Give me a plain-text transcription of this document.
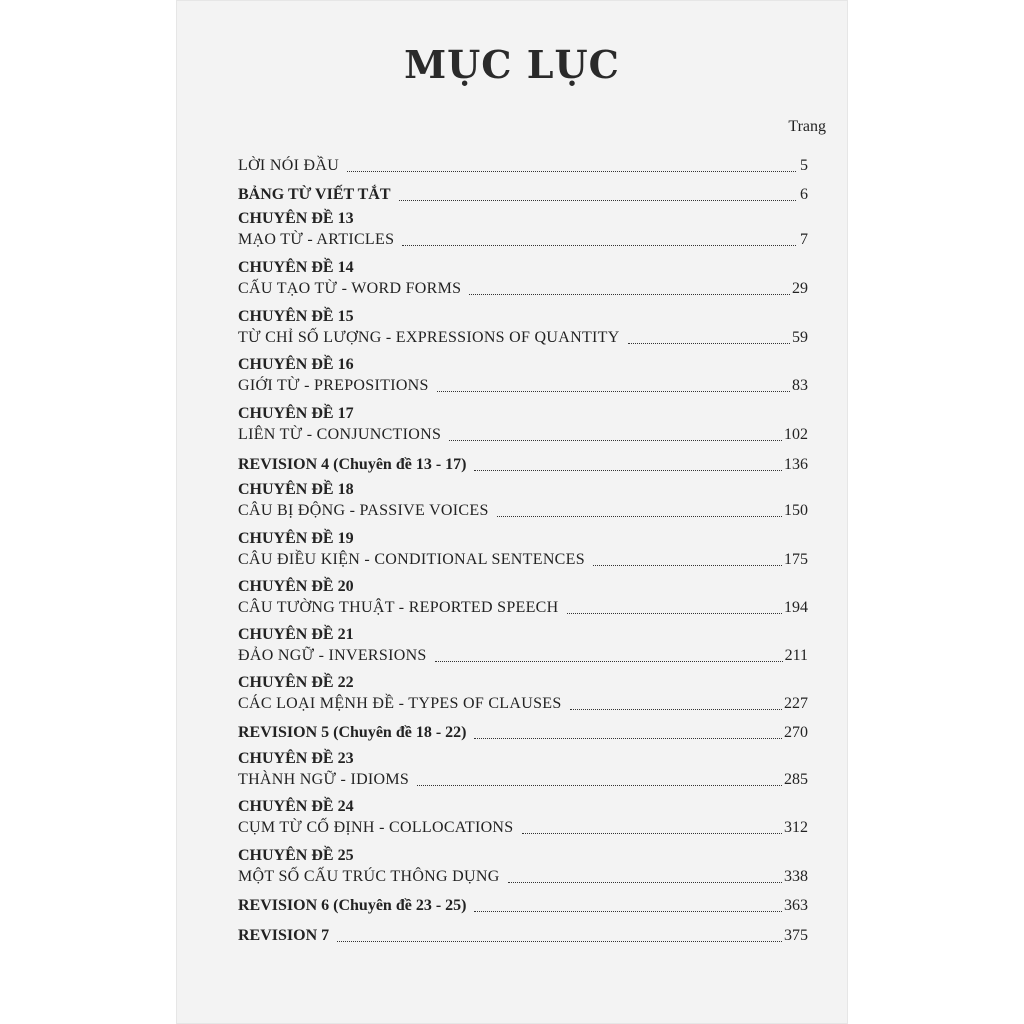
MỤC LỤC
Trang
LỜI NÓI ĐẦU	5
BẢNG TỪ VIẾT TẮT	6
CHUYÊN ĐỀ 13
MẠO TỪ - ARTICLES	7
CHUYÊN ĐỀ 14
CẤU TẠO TỪ - WORD FORMS	29
CHUYÊN ĐỀ 15
TỪ CHỈ SỐ LƯỢNG - EXPRESSIONS OF QUANTITY	59
CHUYÊN ĐỀ 16
GIỚI TỪ - PREPOSITIONS	83
CHUYÊN ĐỀ 17
LIÊN TỪ - CONJUNCTIONS	102
REVISION 4 (Chuyên đề 13 - 17)	136
CHUYÊN ĐỀ 18
CÂU BỊ ĐỘNG - PASSIVE VOICES	150
CHUYÊN ĐỀ 19
CÂU ĐIỀU KIỆN - CONDITIONAL SENTENCES	175
CHUYÊN ĐỀ 20
CÂU TƯỜNG THUẬT - REPORTED SPEECH	194
CHUYÊN ĐỀ 21
ĐẢO NGỮ - INVERSIONS	211
CHUYÊN ĐỀ 22
CÁC LOẠI MỆNH ĐỀ - TYPES OF CLAUSES	227
REVISION 5 (Chuyên đề 18 - 22)	270
CHUYÊN ĐỀ 23
THÀNH NGỮ - IDIOMS	285
CHUYÊN ĐỀ 24
CỤM TỪ CỐ ĐỊNH - COLLOCATIONS	312
CHUYÊN ĐỀ 25
MỘT SỐ CẤU TRÚC THÔNG DỤNG	338
REVISION 6 (Chuyên đề 23 - 25)	363
REVISION 7	375
